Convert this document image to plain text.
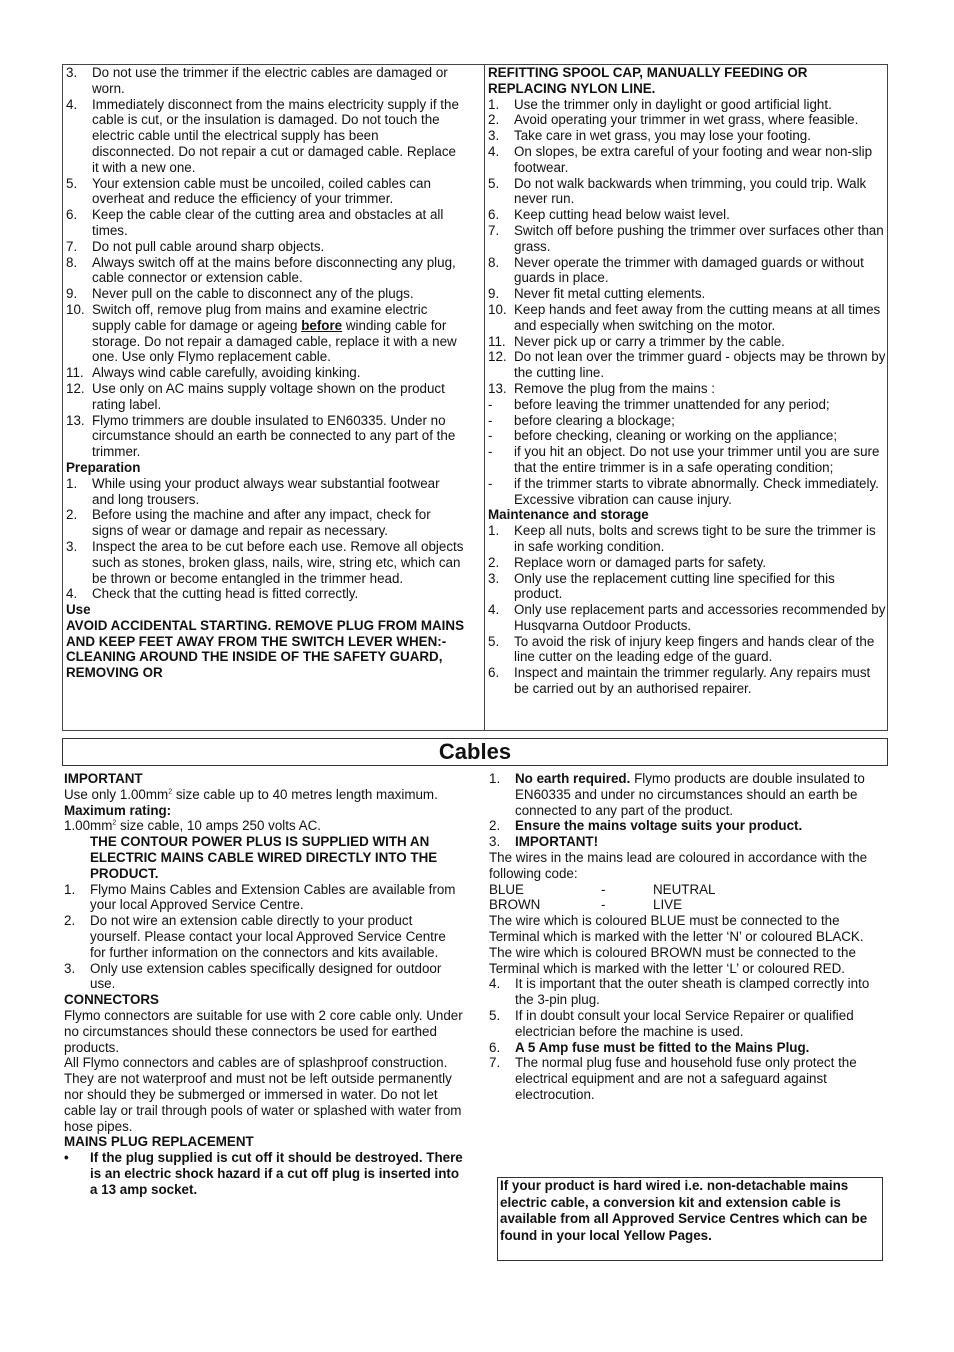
3.	Do not use the trimmer if the electric cables are damaged or worn.
4.	Immediately disconnect from the mains electricity supply if the cable is cut, or the insulation is damaged. Do not touch the electric cable until the electrical supply has been disconnected. Do not repair a cut or damaged cable. Replace it with a new one.
5.	Your extension cable must be uncoiled, coiled cables can overheat and reduce the efficiency of your trimmer.
6.	Keep the cable clear of the cutting area and obstacles at all times.
7.	Do not pull cable around sharp objects.
8.	Always switch off at the mains before disconnecting any plug, cable connector or extension cable.
9.	Never pull on the cable to disconnect any of the plugs.
10. Switch off, remove plug from mains and examine electric supply cable for damage or ageing before winding cable for storage. Do not repair a damaged cable, replace it with a new one. Use only Flymo replacement cable.
11. Always wind cable carefully, avoiding kinking.
12. Use only on AC mains supply voltage shown on the product rating label.
13. Flymo trimmers are double insulated to EN60335. Under no circumstance should an earth be connected to any part of the trimmer.
Preparation
1.	While using your product always wear substantial footwear and long trousers.
2.	Before using the machine and after any impact, check for signs of wear or damage and repair as necessary.
3.	Inspect the area to be cut before each use. Remove all objects such as stones, broken glass, nails, wire, string etc, which can be thrown or become entangled in the trimmer head.
4.	Check that the cutting head is fitted correctly.
Use
AVOID ACCIDENTAL STARTING. REMOVE PLUG FROM MAINS AND KEEP FEET AWAY FROM THE SWITCH LEVER WHEN:- CLEANING AROUND THE INSIDE OF THE SAFETY GUARD, REMOVING OR
REFITTING SPOOL CAP, MANUALLY FEEDING OR REPLACING NYLON LINE.
1.	Use the trimmer only in daylight or good artificial light.
2.	Avoid operating your trimmer in wet grass, where feasible.
3.	Take care in wet grass, you may lose your footing.
4.	On slopes, be extra careful of your footing and wear non-slip footwear.
5.	Do not walk backwards when trimming, you could trip. Walk never run.
6.	Keep cutting head below waist level.
7.	Switch off before pushing the trimmer over surfaces other than grass.
8.	Never operate the trimmer with damaged guards or without guards in place.
9.	Never fit metal cutting elements.
10. Keep hands and feet away from the cutting means at all times and especially when switching on the motor.
11. Never pick up or carry a trimmer by the cable.
12. Do not lean over the trimmer guard - objects may be thrown by the cutting line.
13. Remove the plug from the mains :
-	before leaving the trimmer unattended for any period;
-	before clearing a blockage;
-	before checking, cleaning or working on the appliance;
-	if you hit an object. Do not use your trimmer until you are sure that the entire trimmer is in a safe operating condition;
-	if the trimmer starts to vibrate abnormally. Check immediately. Excessive vibration can cause injury.
Maintenance and storage
1.	Keep all nuts, bolts and screws tight to be sure the trimmer is in safe working condition.
2.	Replace worn or damaged parts for safety.
3.	Only use the replacement cutting line specified for this product.
4.	Only use replacement parts and accessories recommended by Husqvarna Outdoor Products.
5.	To avoid the risk of injury keep fingers and hands clear of the line cutter on the leading edge of the guard.
6.	Inspect and maintain the trimmer regularly. Any repairs must be carried out by an authorised repairer.
Cables
IMPORTANT
Use only $1.00mm^2$ size cable up to 40 metres length maximum.
Maximum rating:
$1.00mm^2$ size cable, 10 amps 250 volts AC.
THE CONTOUR POWER PLUS IS SUPPLIED WITH AN ELECTRIC MAINS CABLE WIRED DIRECTLY INTO THE PRODUCT.
1.	Flymo Mains Cables and Extension Cables are available from your local Approved Service Centre.
2.	Do not wire an extension cable directly to your product yourself. Please contact your local Approved Service Centre for further information on the connectors and kits available.
3.	Only use extension cables specifically designed for outdoor use.
CONNECTORS
Flymo connectors are suitable for use with 2 core cable only. Under no circumstances should these connectors be used for earthed products.
All Flymo connectors and cables are of splashproof construction. They are not waterproof and must not be left outside permanently nor should they be submerged or immersed in water. Do not let cable lay or trail through pools of water or splashed with water from hose pipes.
MAINS PLUG REPLACEMENT
•	If the plug supplied is cut off it should be destroyed. There is an electric shock hazard if a cut off plug is inserted into a 13 amp socket.
1.	No earth required. Flymo products are double insulated to EN60335 and under no circumstances should an earth be connected to any part of the product.
2.	Ensure the mains voltage suits your product.
3.	IMPORTANT!
The wires in the mains lead are coloured in accordance with the following code:
BLUE	-	NEUTRAL
BROWN	-	LIVE
The wire which is coloured BLUE must be connected to the Terminal which is marked with the letter ‘N’ or coloured BLACK. The wire which is coloured BROWN must be connected to the Terminal which is marked with the letter ‘L’ or coloured RED.
4.	It is important that the outer sheath is clamped correctly into the 3-pin plug.
5.	If in doubt consult your local Service Repairer or qualified electrician before the machine is used.
6.	A 5 Amp fuse must be fitted to the Mains Plug.
7.	The normal plug fuse and household fuse only protect the electrical equipment and are not a safeguard against electrocution.
If your product is hard wired i.e. non-detachable mains electric cable, a conversion kit and extension cable is available from all Approved Service Centres which can be found in your local Yellow Pages.
